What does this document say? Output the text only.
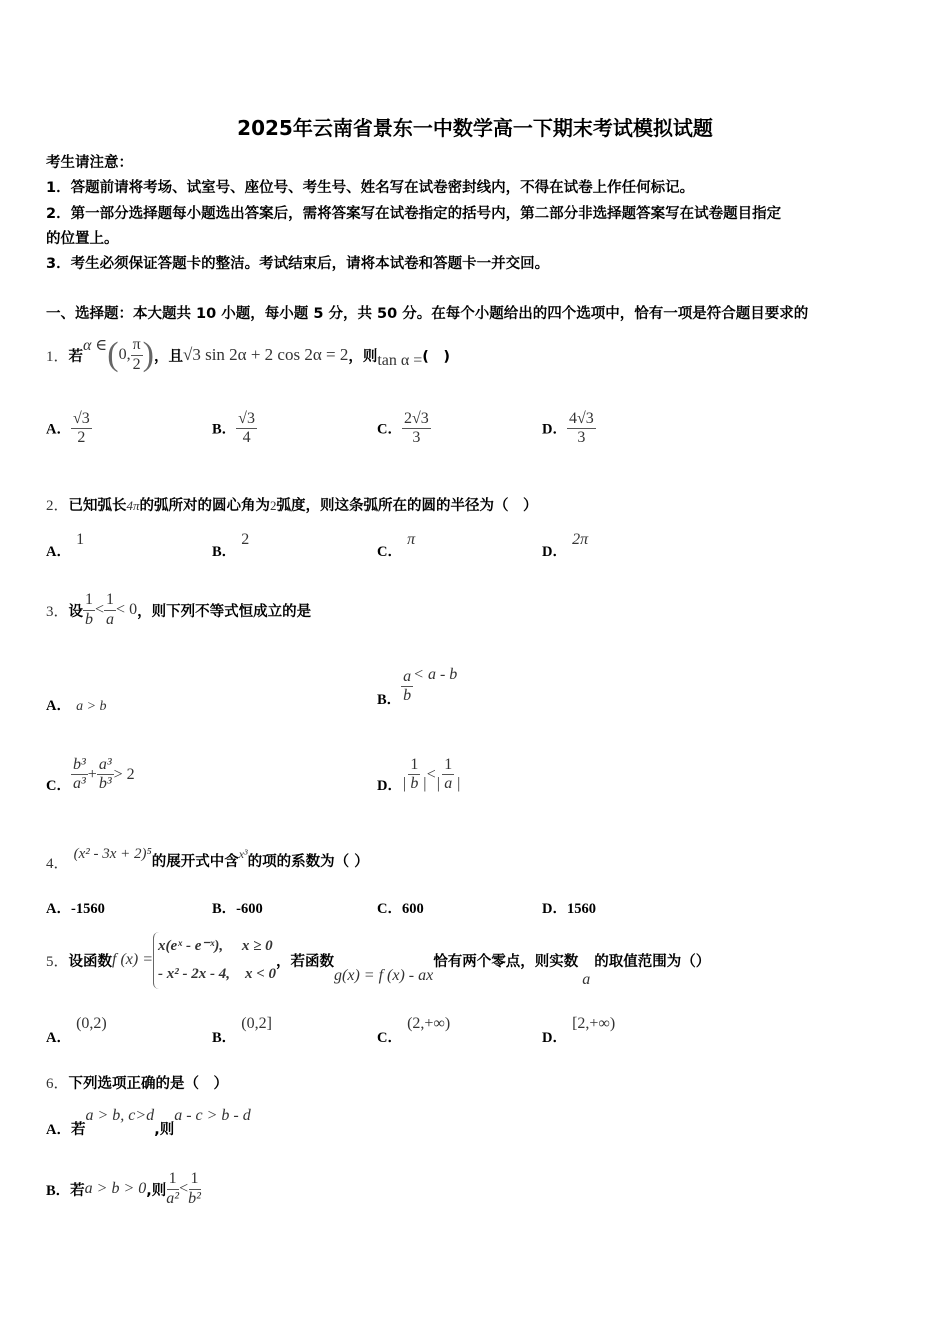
2025年云南省景东一中数学高一下期末考试模拟试题
考生请注意：
1．答题前请将考场、试室号、座位号、考生号、姓名写在试卷密封线内，不得在试卷上作任何标记。
2．第一部分选择题每小题选出答案后，需将答案写在试卷指定的括号内，第二部分非选择题答案写在试卷题目指定
的位置上。
3．考生必须保证答题卡的整洁。考试结束后，请将本试卷和答题卡一并交回。
一、选择题：本大题共 10 小题，每小题 5 分，共 50 分。在每个小题给出的四个选项中，恰有一项是符合题目要求的
1． 若
α ∈ ( 0, $\frac{\pi}{2}$ ) ，且 √3 sin 2α + 2 cos 2α = 2 ，则 tan α = (　)
A． $\frac{√3}{2}$	B． $\frac{√3}{4}$	C． $\frac{2√3}{3}$	D． $\frac{4√3}{3}$
2．已知弧长4π的弧所对的圆心角为2弧度，则这条弧所在的圆的半径为（　）
A． 1
B． 2
C． π
D． 2π
3． 设 $\frac{1}{b} < \frac{1}{a} < 0$ ，则下列不等式恒成立的是
A． a > b	B． $\frac{a}{b} < a - b$
C． $\frac{\text{b³}}{\text{a³}} + \frac{\text{a³}}{\text{b³}} > 2$
D． $\frac{1}{| b |} < \frac{1}{| a |}$
4． (x² - 3x + 2)⁵的展开式中含x³的项的系数为（ ）
A．-1560	B．-600	C．600	D．1560
5． 设函数 f (x) =
x(eˣ - e⁻ˣ),　 x ≥ 0
- x² - 2x - 4,　x < 0
，若函数
g(x) = f (x) - ax
恰有两个零点，则实数
a
的取值范围为（）
A． (0,2)
B． (0,2]
C． (2,+∞)
D． [2,+∞)
6．下列选项正确的是（　）
A．若a > b, c>d,则a - c > b - d
B． 若 a > b > 0 ,则 $\frac{1}{\text{a²}} < \frac{1}{\text{b²}}$
